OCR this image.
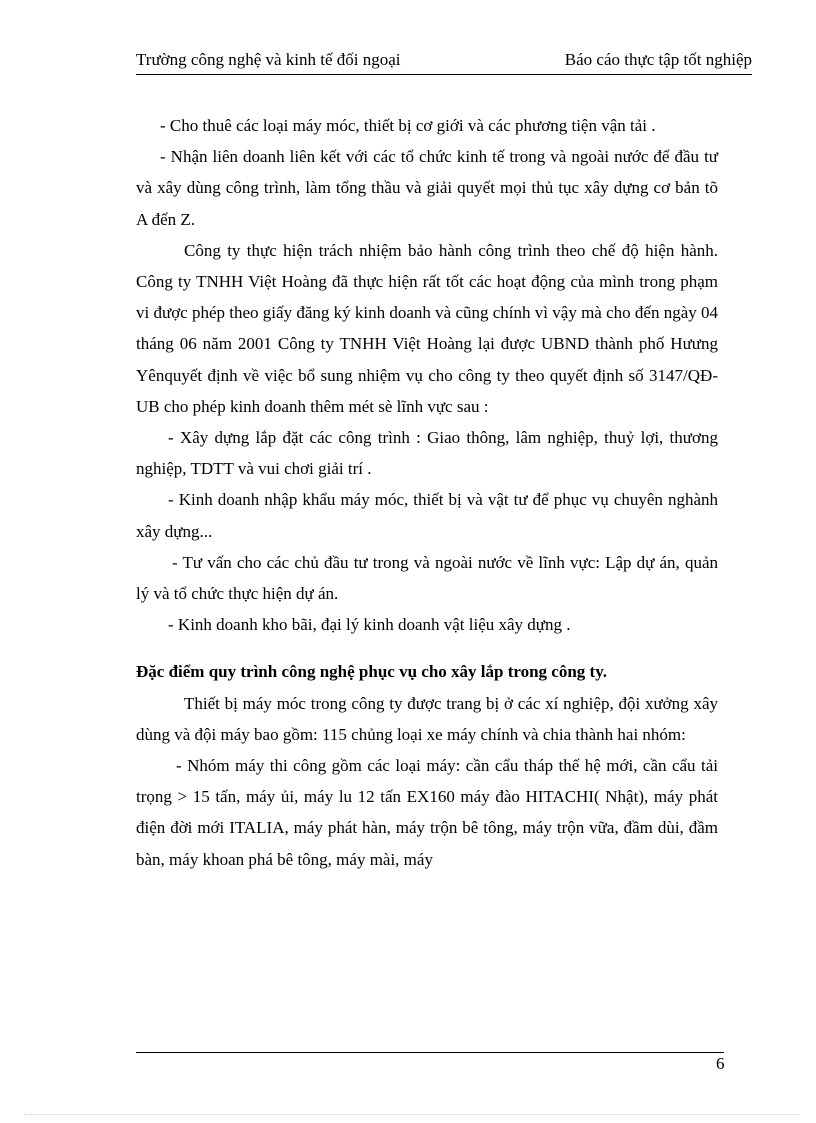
Trường công nghệ và kinh tế đối ngoại	Báo cáo thực tập tốt nghiệp

- Cho thuê các loại máy móc, thiết bị cơ giới và các phương tiện vận tải .

- Nhận liên doanh liên kết với các tổ chức kinh tế trong và ngoài nước để đầu tư và xây dùng công trình, làm tổng thầu và giải quyết mọi thủ tục xây dựng cơ bản tõ A đến Z.

Công ty thực hiện trách nhiệm bảo hành công trình theo chế độ hiện hành. Công ty TNHH Việt Hoàng đã thực hiện rất tốt các hoạt động của mình trong phạm vi được phép theo giấy đăng ký kinh doanh và cũng chính vì vậy mà cho đến ngày 04 tháng 06 năm 2001 Công ty TNHH Việt Hoàng lại được UBND thành phố Hưưng Yênquyết định về việc bổ sung nhiệm vụ cho công ty theo quyết định số 3147/QĐ- UB cho phép kinh doanh thêm mét sè lĩnh vực sau :

- Xây dựng lắp đặt các công trình : Giao thông, lâm nghiệp, thuỷ lợi, thương nghiệp, TDTT và vui chơi giải trí .

- Kinh doanh nhập khẩu máy móc, thiết bị và vật tư để phục vụ chuyên nghành xây dựng...

- Tư vấn cho các chủ đầu tư trong và ngoài nước về lĩnh vực: Lập dự án, quản lý và tổ chức thực hiện dự án.

- Kinh doanh kho bãi, đại lý kinh doanh vật liệu xây dựng .

Đặc điểm quy trình công nghệ phục vụ cho xây lắp trong công ty.

Thiết bị máy móc trong công ty được trang bị ở các xí nghiệp, đội xưởng xây dùng và đội máy bao gồm: 115 chủng loại xe máy chính và chia thành hai nhóm:

- Nhóm máy thi công gồm các loại máy: cần cẩu tháp thế hệ mới, cần cẩu tải trọng > 15 tấn, máy ủi, máy lu 12 tấn EX160 máy đào HITACHI( Nhật), máy phát điện đời mới ITALIA, máy phát hàn, máy trộn bê tông, máy trộn vữa, đầm dùi, đầm bàn, máy khoan phá bê tông, máy mài, máy

6
